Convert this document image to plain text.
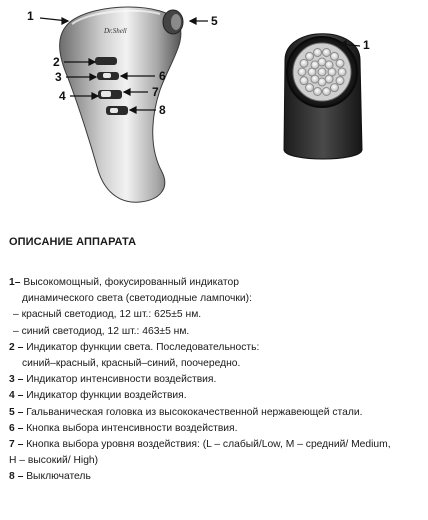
Dr.Shell
1	5
2
3	6
4	7
8
1
ОПИСАНИЕ АППАРАТА
1– Высокомощный, фокусированный индикатор
динамического света (светодиодные лампочки):
– красный светодиод, 12 шт.: 625±5 нм.
– синий светодиод, 12 шт.: 463±5 нм.
2 – Индикатор функции света. Последовательность:
синий–красный, красный–синий, поочередно.
3 – Индикатор интенсивности воздействия.
4 – Индикатор функции воздействия.
5 – Гальваническая головка из высококачественной нержавеющей стали.
6 – Кнопка выбора интенсивности воздействия.
7 – Кнопка выбора уровня воздействия: (L – слабый/Low, M – средний/ Medium,
H – высокий/ High)
8 – Выключатель
